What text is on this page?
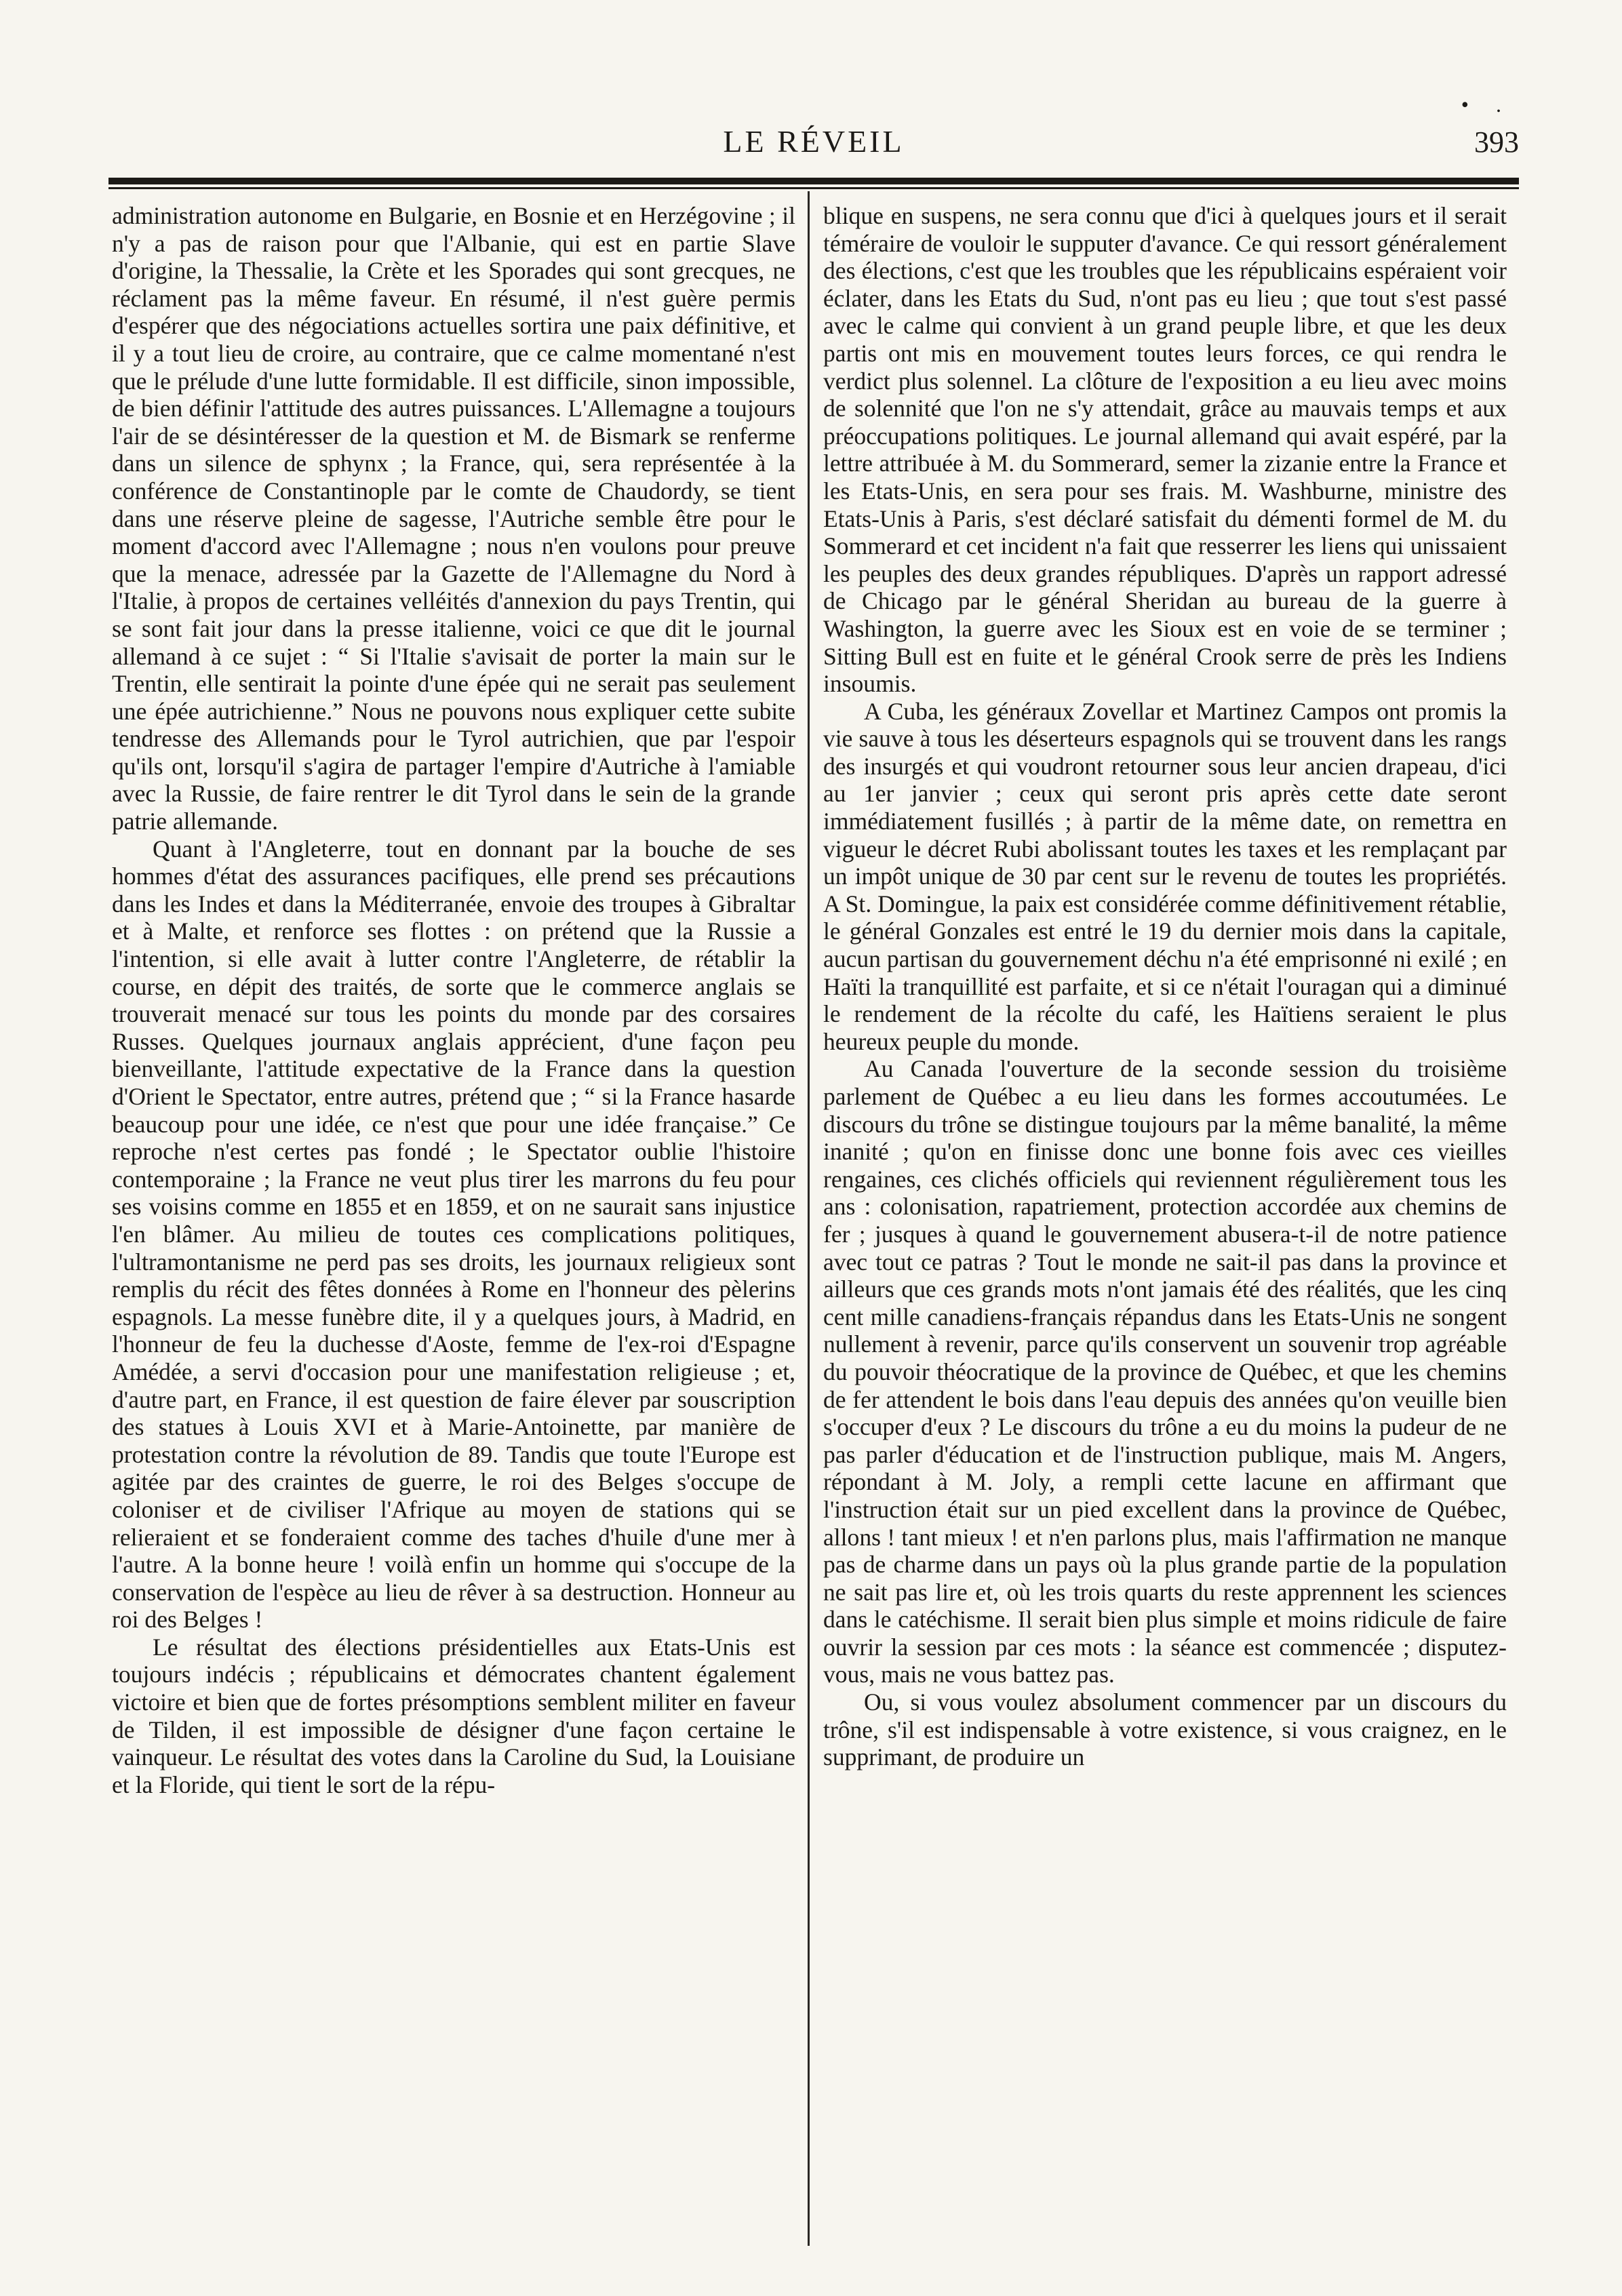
• .
LE RÉVEIL	393

administration autonome en Bulgarie, en Bosnie et en Herzégovine ; il n'y a pas de raison pour que l'Albanie, qui est en partie Slave d'origine, la Thessalie, la Crète et les Sporades qui sont grecques, ne réclament pas la même faveur. En résumé, il n'est guère permis d'espérer que des négociations actuelles sortira une paix définitive, et il y a tout lieu de croire, au contraire, que ce calme momentané n'est que le prélude d'une lutte formidable. Il est difficile, sinon impossible, de bien définir l'attitude des autres puissances. L'Allemagne a toujours l'air de se désintéresser de la question et M. de Bismark se renferme dans un silence de sphynx ; la France, qui, sera représentée à la conférence de Constantinople par le comte de Chaudordy, se tient dans une réserve pleine de sagesse, l'Autriche semble être pour le moment d'accord avec l'Allemagne ; nous n'en voulons pour preuve que la menace, adressée par la Gazette de l'Allemagne du Nord à l'Italie, à propos de certaines velléités d'annexion du pays Trentin, qui se sont fait jour dans la presse italienne, voici ce que dit le journal allemand à ce sujet : “ Si l'Italie s'avisait de porter la main sur le Trentin, elle sentirait la pointe d'une épée qui ne serait pas seulement une épée autrichienne.” Nous ne pouvons nous expliquer cette subite tendresse des Allemands pour le Tyrol autrichien, que par l'espoir qu'ils ont, lorsqu'il s'agira de partager l'empire d'Autriche à l'amiable avec la Russie, de faire rentrer le dit Tyrol dans le sein de la grande patrie allemande.

Quant à l'Angleterre, tout en donnant par la bouche de ses hommes d'état des assurances pacifiques, elle prend ses précautions dans les Indes et dans la Méditerranée, envoie des troupes à Gibraltar et à Malte, et renforce ses flottes : on prétend que la Russie a l'intention, si elle avait à lutter contre l'Angleterre, de rétablir la course, en dépit des traités, de sorte que le commerce anglais se trouverait menacé sur tous les points du monde par des corsaires Russes. Quelques journaux anglais apprécient, d'une façon peu bienveillante, l'attitude expectative de la France dans la question d'Orient le Spectator, entre autres, prétend que ; “ si la France hasarde beaucoup pour une idée, ce n'est que pour une idée française.” Ce reproche n'est certes pas fondé ; le Spectator oublie l'histoire contemporaine ; la France ne veut plus tirer les marrons du feu pour ses voisins comme en 1855 et en 1859, et on ne saurait sans injustice l'en blâmer. Au milieu de toutes ces complications politiques, l'ultramontanisme ne perd pas ses droits, les journaux religieux sont remplis du récit des fêtes données à Rome en l'honneur des pèlerins espagnols. La messe funèbre dite, il y a quelques jours, à Madrid, en l'honneur de feu la duchesse d'Aoste, femme de l'ex-roi d'Espagne Amédée, a servi d'occasion pour une manifestation religieuse ; et, d'autre part, en France, il est question de faire élever par souscription des statues à Louis XVI et à Marie-Antoinette, par manière de protestation contre la révolution de 89. Tandis que toute l'Europe est agitée par des craintes de guerre, le roi des Belges s'occupe de coloniser et de civiliser l'Afrique au moyen de stations qui se relieraient et se fonderaient comme des taches d'huile d'une mer à l'autre. A la bonne heure ! voilà enfin un homme qui s'occupe de la conservation de l'espèce au lieu de rêver à sa destruction. Honneur au roi des Belges !

Le résultat des élections présidentielles aux Etats-Unis est toujours indécis ; républicains et démocrates chantent également victoire et bien que de fortes présomptions semblent militer en faveur de Tilden, il est impossible de désigner d'une façon certaine le vainqueur. Le résultat des votes dans la Caroline du Sud, la Louisiane et la Floride, qui tient le sort de la répu-

blique en suspens, ne sera connu que d'ici à quelques jours et il serait téméraire de vouloir le supputer d'avance. Ce qui ressort généralement des élections, c'est que les troubles que les républicains espéraient voir éclater, dans les Etats du Sud, n'ont pas eu lieu ; que tout s'est passé avec le calme qui convient à un grand peuple libre, et que les deux partis ont mis en mouvement toutes leurs forces, ce qui rendra le verdict plus solennel. La clôture de l'exposition a eu lieu avec moins de solennité que l'on ne s'y attendait, grâce au mauvais temps et aux préoccupations politiques. Le journal allemand qui avait espéré, par la lettre attribuée à M. du Sommerard, semer la zizanie entre la France et les Etats-Unis, en sera pour ses frais. M. Washburne, ministre des Etats-Unis à Paris, s'est déclaré satisfait du démenti formel de M. du Sommerard et cet incident n'a fait que resserrer les liens qui unissaient les peuples des deux grandes républiques. D'après un rapport adressé de Chicago par le général Sheridan au bureau de la guerre à Washington, la guerre avec les Sioux est en voie de se terminer ; Sitting Bull est en fuite et le général Crook serre de près les Indiens insoumis.

A Cuba, les généraux Zovellar et Martinez Campos ont promis la vie sauve à tous les déserteurs espagnols qui se trouvent dans les rangs des insurgés et qui voudront retourner sous leur ancien drapeau, d'ici au 1er janvier ; ceux qui seront pris après cette date seront immédiatement fusillés ; à partir de la même date, on remettra en vigueur le décret Rubi abolissant toutes les taxes et les remplaçant par un impôt unique de 30 par cent sur le revenu de toutes les propriétés. A St. Domingue, la paix est considérée comme définitivement rétablie, le général Gonzales est entré le 19 du dernier mois dans la capitale, aucun partisan du gouvernement déchu n'a été emprisonné ni exilé ; en Haïti la tranquillité est parfaite, et si ce n'était l'ouragan qui a diminué le rendement de la récolte du café, les Haïtiens seraient le plus heureux peuple du monde.

Au Canada l'ouverture de la seconde session du troisième parlement de Québec a eu lieu dans les formes accoutumées. Le discours du trône se distingue toujours par la même banalité, la même inanité ; qu'on en finisse donc une bonne fois avec ces vieilles rengaines, ces clichés officiels qui reviennent régulièrement tous les ans : colonisation, rapatriement, protection accordée aux chemins de fer ; jusques à quand le gouvernement abusera-t-il de notre patience avec tout ce patras ? Tout le monde ne sait-il pas dans la province et ailleurs que ces grands mots n'ont jamais été des réalités, que les cinq cent mille canadiens-français répandus dans les Etats-Unis ne songent nullement à revenir, parce qu'ils conservent un souvenir trop agréable du pouvoir théocratique de la province de Québec, et que les chemins de fer attendent le bois dans l'eau depuis des années qu'on veuille bien s'occuper d'eux ? Le discours du trône a eu du moins la pudeur de ne pas parler d'éducation et de l'instruction publique, mais M. Angers, répondant à M. Joly, a rempli cette lacune en affirmant que l'instruction était sur un pied excellent dans la province de Québec, allons ! tant mieux ! et n'en parlons plus, mais l'affirmation ne manque pas de charme dans un pays où la plus grande partie de la population ne sait pas lire et, où les trois quarts du reste apprennent les sciences dans le catéchisme. Il serait bien plus simple et moins ridicule de faire ouvrir la session par ces mots : la séance est commencée ; disputez-vous, mais ne vous battez pas.

Ou, si vous voulez absolument commencer par un discours du trône, s'il est indispensable à votre existence, si vous craignez, en le supprimant, de produire un
